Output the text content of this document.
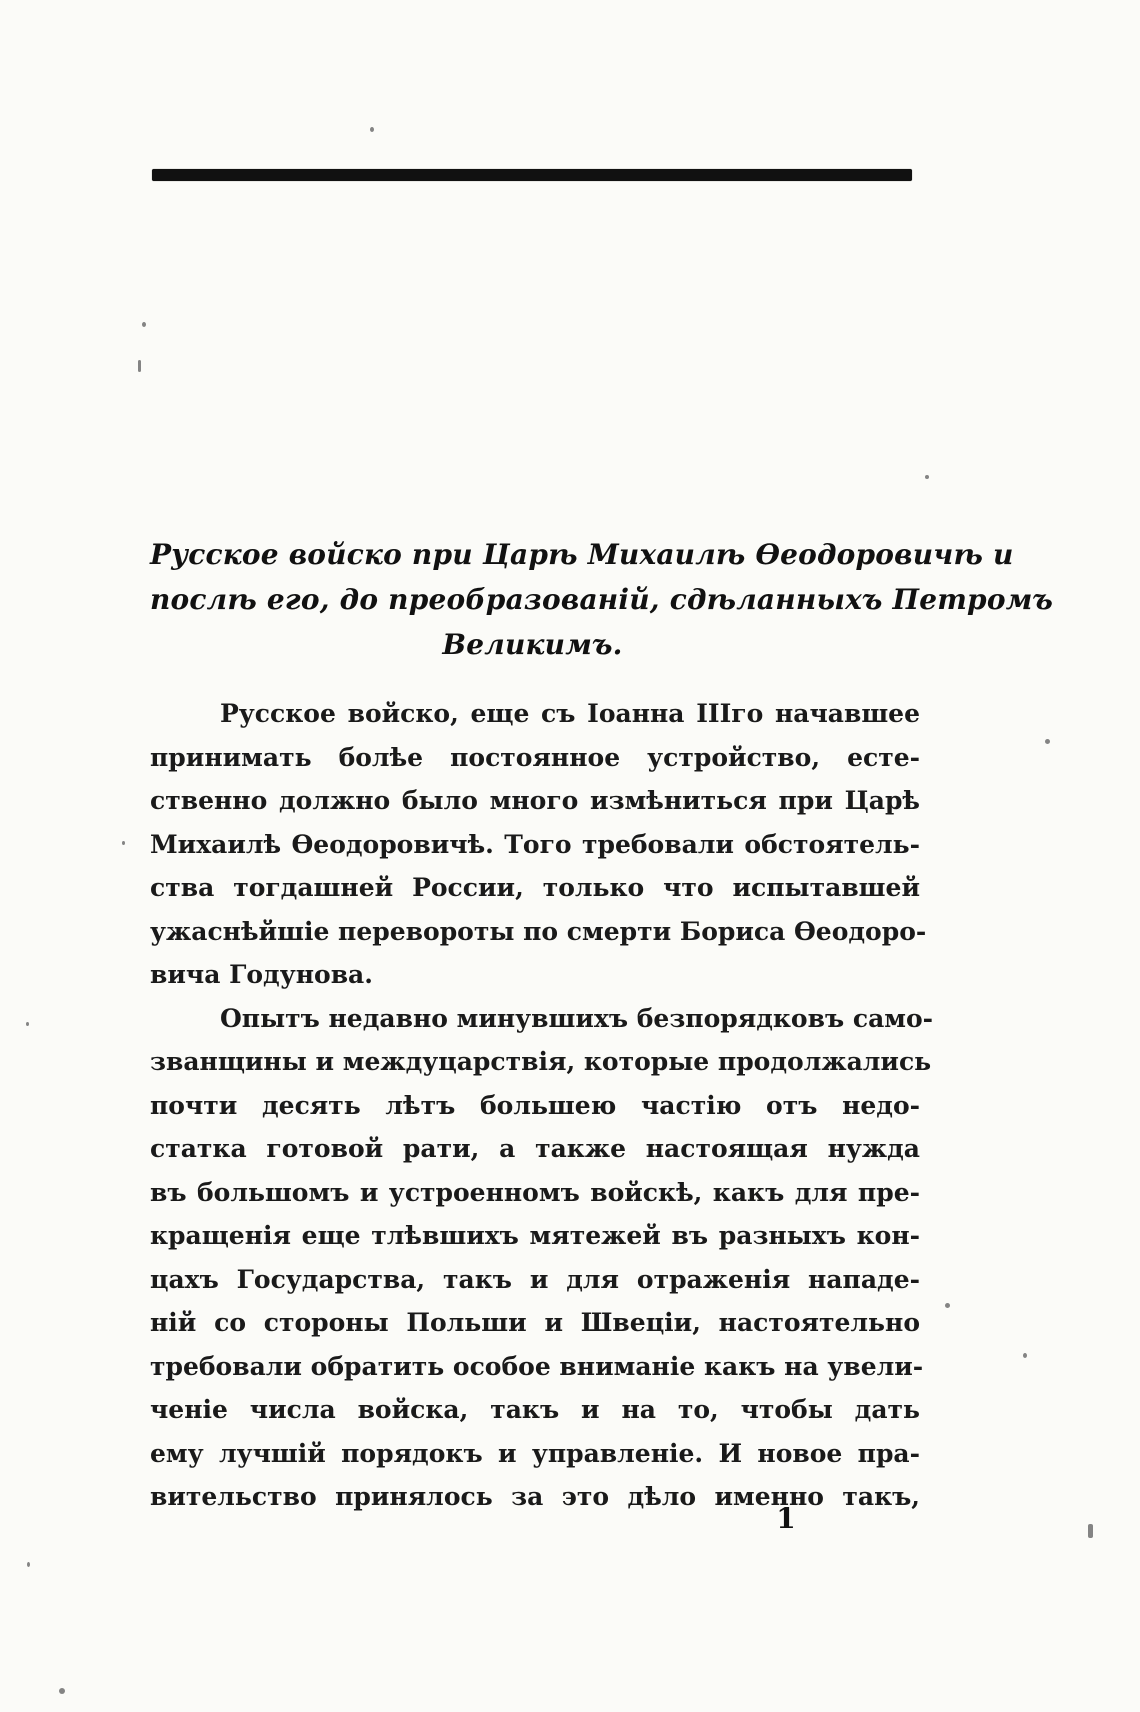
Русское войско при Царѣ Михаилѣ Ѳеодоровичѣ и
послѣ его, до преобразованій, сдѣланныхъ Петромъ
Великимъ.
Русское войско, еще съ Іоанна ІІІго начавшее
принимать болѣе постоянное устройство, есте-
ственно должно было много измѣниться при Царѣ
Михаилѣ Ѳеодоровичѣ. Того требовали обстоятель-
ства тогдашней России, только что испытавшей
ужаснѣйшіе перевороты по смерти Бориса Ѳеодоро-
вича Годунова.
Опытъ недавно минувшихъ безпорядковъ само-
званщины и междуцарствія, которые продолжались
почти десять лѣтъ большею частію отъ недо-
статка готовой рати, а также настоящая нужда
въ большомъ и устроенномъ войскѣ, какъ для пре-
кращенія еще тлѣвшихъ мятежей въ разныхъ кон-
цахъ Государства, такъ и для отраженія нападе-
ній со стороны Польши и Швеціи, настоятельно
требовали обратить особое вниманіе какъ на увели-
ченіе числа войска, такъ и на то, чтобы дать
ему лучшій порядокъ и управленіе. И новое пра-
вительство принялось за это дѣло именно такъ,
1
